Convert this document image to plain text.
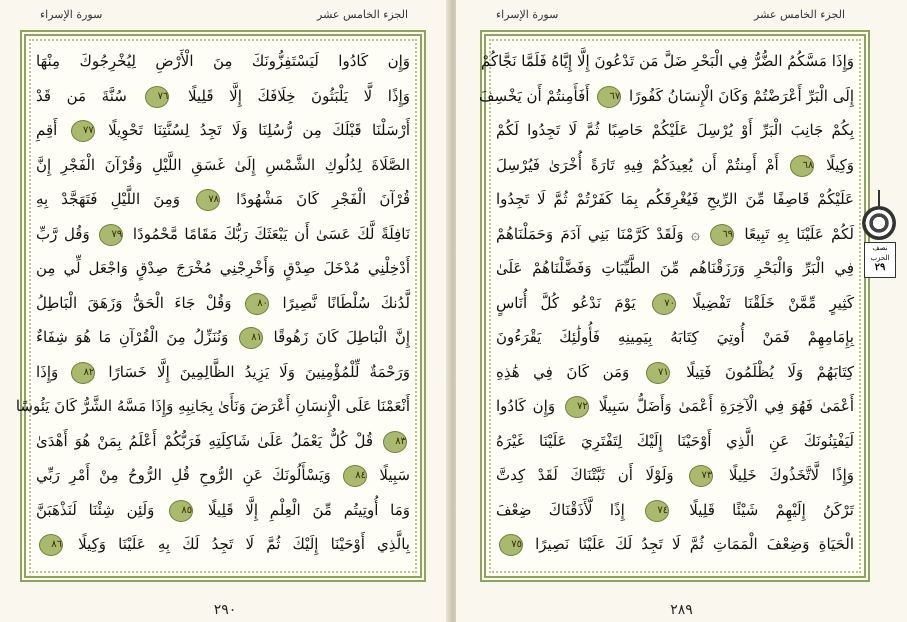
سورة الإسراء	الجزء الخامس عشر
وَإِن كَادُوا لَيَسْتَفِزُّونَكَ مِنَ الْأَرْضِ لِيُخْرِجُوكَ مِنْهَا
وَإِذًا لَّا يَلْبَثُونَ خِلَافَكَ إِلَّا قَلِيلًا ٧٦ سُنَّةَ مَن قَدْ
أَرْسَلْنَا قَبْلَكَ مِن رُّسُلِنَا وَلَا تَجِدُ لِسُنَّتِنَا تَحْوِيلًا ٧٧ أَقِمِ
الصَّلَاةَ لِدُلُوكِ الشَّمْسِ إِلَىٰ غَسَقِ اللَّيْلِ وَقُرْآنَ الْفَجْرِ إِنَّ
قُرْآنَ الْفَجْرِ كَانَ مَشْهُودًا ٧٨ وَمِنَ اللَّيْلِ فَتَهَجَّدْ بِهِ
نَافِلَةً لَّكَ عَسَىٰ أَن يَبْعَثَكَ رَبُّكَ مَقَامًا مَّحْمُودًا ٧٩ وَقُل رَّبِّ
أَدْخِلْنِي مُدْخَلَ صِدْقٍ وَأَخْرِجْنِي مُخْرَجَ صِدْقٍ وَاجْعَل لِّي مِن
لَّدُنكَ سُلْطَانًا نَّصِيرًا ٨٠ وَقُلْ جَاءَ الْحَقُّ وَزَهَقَ الْبَاطِلُ
إِنَّ الْبَاطِلَ كَانَ زَهُوقًا ٨١ وَنُنَزِّلُ مِنَ الْقُرْآنِ مَا هُوَ شِفَاءٌ
وَرَحْمَةٌ لِّلْمُؤْمِنِينَ وَلَا يَزِيدُ الظَّالِمِينَ إِلَّا خَسَارًا ٨٢ وَإِذَا
أَنْعَمْنَا عَلَى الْإِنسَانِ أَعْرَضَ وَنَأَىٰ بِجَانِبِهِ وَإِذَا مَسَّهُ الشَّرُّ كَانَ يَئُوسًا
٨٣ قُلْ كُلٌّ يَعْمَلُ عَلَىٰ شَاكِلَتِهِ فَرَبُّكُمْ أَعْلَمُ بِمَنْ هُوَ أَهْدَىٰ
سَبِيلًا ٨٤ وَيَسْأَلُونَكَ عَنِ الرُّوحِ قُلِ الرُّوحُ مِنْ أَمْرِ رَبِّي
وَمَا أُوتِيتُم مِّنَ الْعِلْمِ إِلَّا قَلِيلًا ٨٥ وَلَئِن شِئْنَا لَنَذْهَبَنَّ
بِالَّذِي أَوْحَيْنَا إِلَيْكَ ثُمَّ لَا تَجِدُ لَكَ بِهِ عَلَيْنَا وَكِيلًا ٨٦
٢٩٠
سورة الإسراء	الجزء الخامس عشر
وَإِذَا مَسَّكُمُ الضُّرُّ فِي الْبَحْرِ ضَلَّ مَن تَدْعُونَ إِلَّا إِيَّاهُ فَلَمَّا نَجَّاكُمْ
إِلَى الْبَرِّ أَعْرَضْتُمْ وَكَانَ الْإِنسَانُ كَفُورًا ٦٧ أَفَأَمِنتُمْ أَن يَخْسِفَ
بِكُمْ جَانِبَ الْبَرِّ أَوْ يُرْسِلَ عَلَيْكُمْ حَاصِبًا ثُمَّ لَا تَجِدُوا لَكُمْ
وَكِيلًا ٦٨ أَمْ أَمِنتُمْ أَن يُعِيدَكُمْ فِيهِ تَارَةً أُخْرَىٰ فَيُرْسِلَ
عَلَيْكُمْ قَاصِفًا مِّنَ الرِّيحِ فَيُغْرِقَكُم بِمَا كَفَرْتُمْ ثُمَّ لَا تَجِدُوا
لَكُمْ عَلَيْنَا بِهِ تَبِيعًا ٦٩ ۞ وَلَقَدْ كَرَّمْنَا بَنِي آدَمَ وَحَمَلْنَاهُمْ
فِي الْبَرِّ وَالْبَحْرِ وَرَزَقْنَاهُم مِّنَ الطَّيِّبَاتِ وَفَضَّلْنَاهُمْ عَلَىٰ
كَثِيرٍ مِّمَّنْ خَلَقْنَا تَفْضِيلًا ٧٠ يَوْمَ نَدْعُو كُلَّ أُنَاسٍ
بِإِمَامِهِمْ فَمَنْ أُوتِيَ كِتَابَهُ بِيَمِينِهِ فَأُولَٰئِكَ يَقْرَءُونَ
كِتَابَهُمْ وَلَا يُظْلَمُونَ فَتِيلًا ٧١ وَمَن كَانَ فِي هَٰذِهِ
أَعْمَىٰ فَهُوَ فِي الْآخِرَةِ أَعْمَىٰ وَأَضَلُّ سَبِيلًا ٧٢ وَإِن كَادُوا
لَيَفْتِنُونَكَ عَنِ الَّذِي أَوْحَيْنَا إِلَيْكَ لِتَفْتَرِيَ عَلَيْنَا غَيْرَهُ
وَإِذًا لَّاتَّخَذُوكَ خَلِيلًا ٧٣ وَلَوْلَا أَن ثَبَّتْنَاكَ لَقَدْ كِدتَّ
تَرْكَنُ إِلَيْهِمْ شَيْئًا قَلِيلًا ٧٤ إِذًا لَّأَذَقْنَاكَ ضِعْفَ
الْحَيَاةِ وَضِعْفَ الْمَمَاتِ ثُمَّ لَا تَجِدُ لَكَ عَلَيْنَا نَصِيرًا ٧٥
٢٨٩
نصف الحزب
٢٩
